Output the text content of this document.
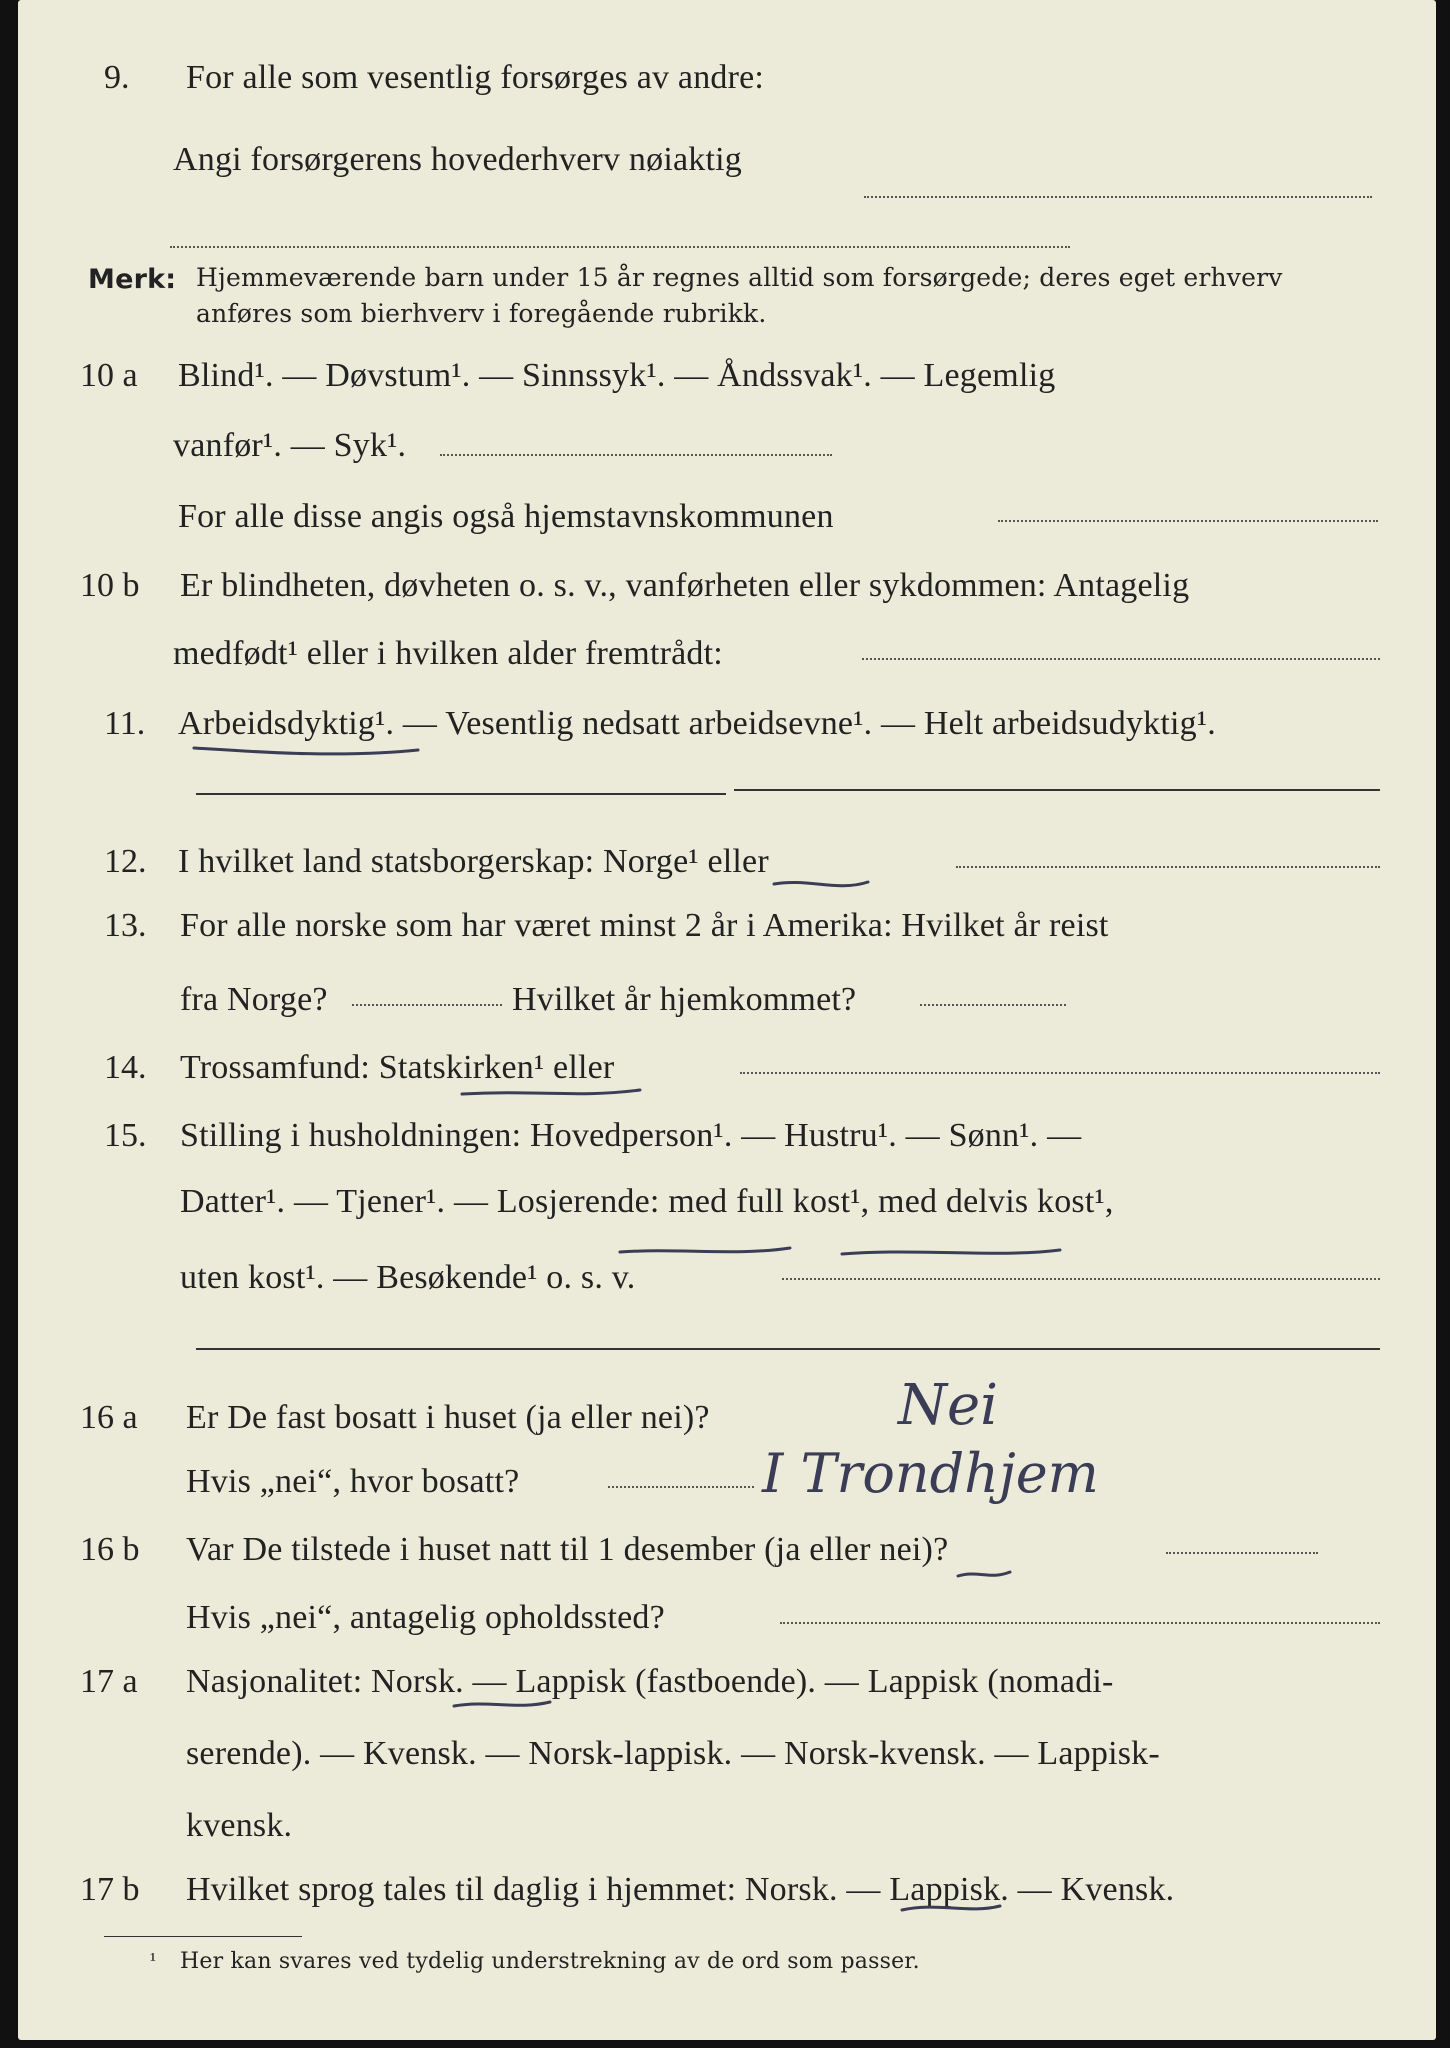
9. For alle som vesentlig forsørges av andre:
Angi forsørgerens hovederhverv nøiaktig
Merk: Hjemmeværende barn under 15 år regnes alltid som forsørgede; deres eget erhverv
anføres som bierhverv i foregående rubrikk.
10 a Blind¹. — Døvstum¹. — Sinnssyk¹. — Åndssvak¹. — Legemlig
vanfør¹. — Syk¹.
For alle disse angis også hjemstavnskommunen
10 b Er blindheten, døvheten o. s. v., vanførheten eller sykdommen: Antagelig
medfødt¹ eller i hvilken alder fremtrådt:
11. Arbeidsdyktig¹. — Vesentlig nedsatt arbeidsevne¹. — Helt arbeidsudyktig¹.
12. I hvilket land statsborgerskap: Norge¹ eller
13. For alle norske som har været minst 2 år i Amerika: Hvilket år reist
fra Norge?	Hvilket år hjemkommet?
14. Trossamfund: Statskirken¹ eller
15. Stilling i husholdningen: Hovedperson¹. — Hustru¹. — Sønn¹. —
Datter¹. — Tjener¹. — Losjerende: med full kost¹, med delvis kost¹,
uten kost¹. — Besøkende¹ o. s. v.
16 a Er De fast bosatt i huset (ja eller nei)?
Hvis „nei“, hvor bosatt?
16 b Var De tilstede i huset natt til 1 desember (ja eller nei)?
Hvis „nei“, antagelig opholdssted?
17 a Nasjonalitet: Norsk. — Lappisk (fastboende). — Lappisk (nomadi-
serende). — Kvensk. — Norsk-lappisk. — Norsk-kvensk. — Lappisk-
kvensk.
17 b Hvilket sprog tales til daglig i hjemmet: Norsk. — Lappisk. — Kvensk.
¹ Her kan svares ved tydelig understrekning av de ord som passer.
Nei
I Trondhjem
